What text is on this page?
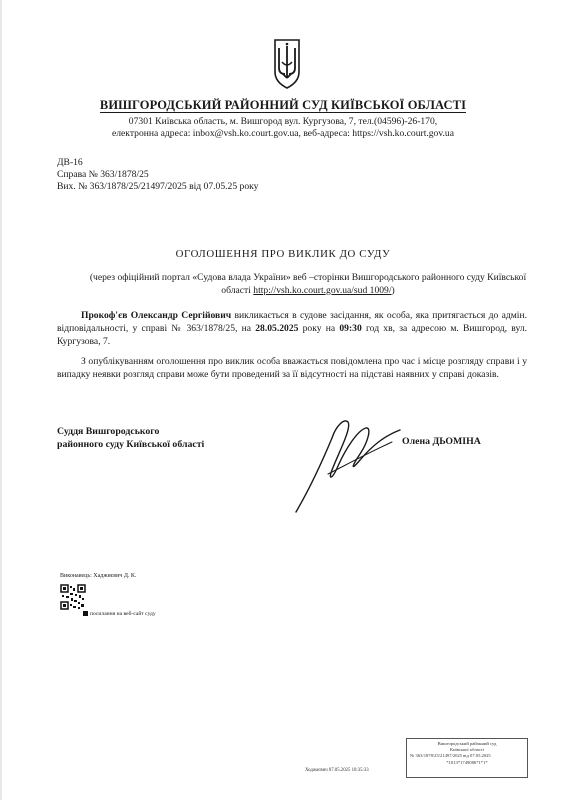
ВИШГОРОДСЬКИЙ РАЙОННИЙ СУД КИЇВСЬКОЇ ОБЛАСТІ
07301 Київська область, м. Вишгород вул. Кургузова, 7, тел.(04596)-26-170,
електронна адреса: inbox@vsh.ko.court.gov.ua, веб-адреса: https://vsh.ko.court.gov.ua
ДВ-16
Справа № 363/1878/25
Вих. № 363/1878/25/21497/2025 від 07.05.25 року
ОГОЛОШЕННЯ ПРО ВИКЛИК ДО СУДУ
(через офіційний портал «Судова влада України» веб –сторінки Вишгородського районного суду Київської області http://vsh.ko.court.gov.ua/sud 1009/)
Прокоф'єв Олександр Сергійович викликається в судове засідання, як особа, яка притягається до адмін. відповідальності, у справі № 363/1878/25, на 28.05.2025 року на 09:30 год хв, за адресою м. Вишгород, вул. Кургузова, 7.
З опублікуванням оголошення про виклик особа вважається повідомлена про час і місце розгляду справи і у випадку неявки розгляд справи може бути проведений за її відсутності на підставі наявних у справі доказів.
Суддя Вишгородського
районного суду Київської області	Олена ДЬОМІНА
Виконавець: Хаджиєвич Д. К.
посилання на веб-сайт суду
Вишгородський районний суд
Київської області
№ 363/1878/25/21497/2025 від 07.05.2025
*1013*1749086*1*1*
Ходжаєвич 07.05.2025 10:35:33
